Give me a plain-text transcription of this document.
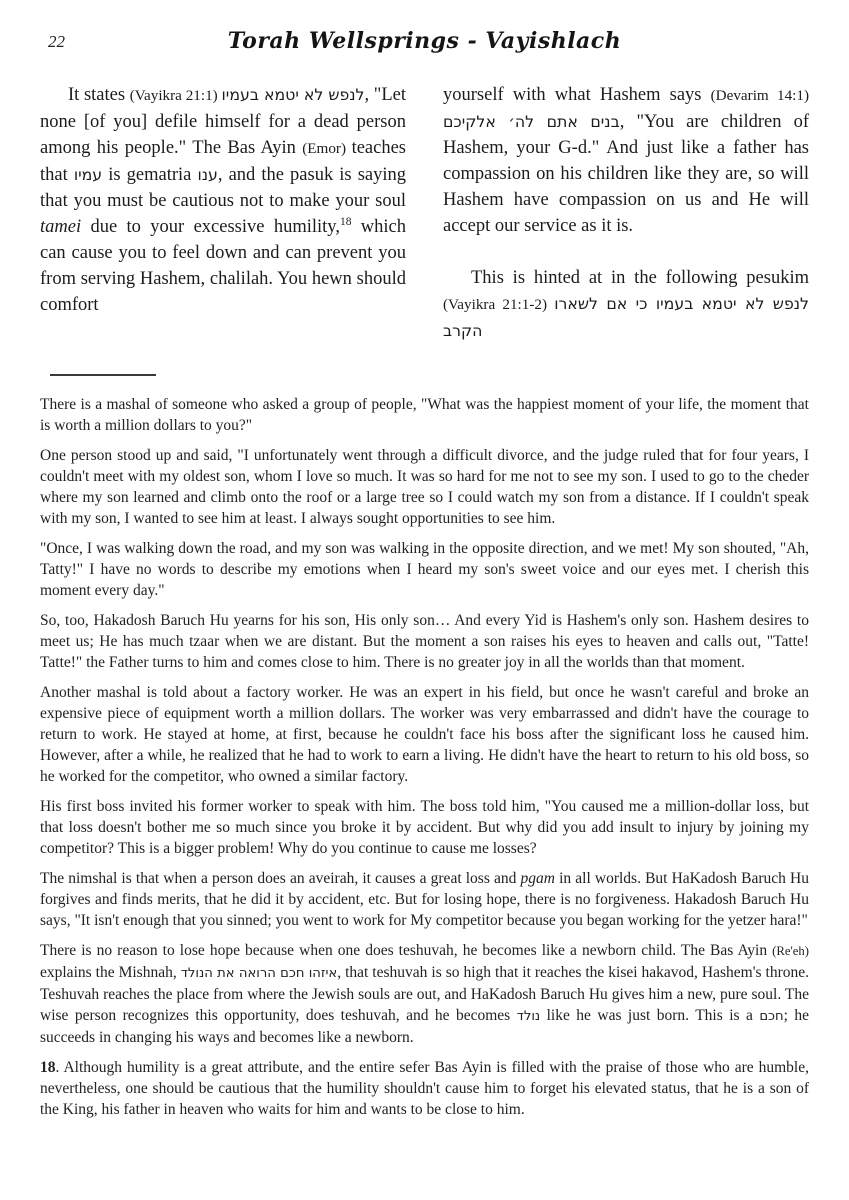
22	Torah Wellsprings - Vayishlach

It states (Vayikra 21:1) לנפש לא יטמא בעמיו, "Let none [of you] defile himself for a dead person among his people." The Bas Ayin (Emor) teaches that עמיו is gematria ענו, and the pasuk is saying that you must be cautious not to make your soul tamei due to your excessive humility,$^{18}$ which can cause you to feel down and can prevent you from serving Hashem, chalilah. You hewn should comfort

yourself with what Hashem says (Devarim 14:1) בנים אתם לה׳ אלקיכם, "You are children of Hashem, your G-d." And just like a father has compassion on his children like they are, so will Hashem have compassion on us and He will accept our service as it is.

This is hinted at in the following pesukim (Vayikra 21:1-2) לנפש לא יטמא בעמיו כי אם לשארו הקרב

There is a mashal of someone who asked a group of people, "What was the happiest moment of your life, the moment that is worth a million dollars to you?"

One person stood up and said, "I unfortunately went through a difficult divorce, and the judge ruled that for four years, I couldn't meet with my oldest son, whom I love so much. It was so hard for me not to see my son. I used to go to the cheder where my son learned and climb onto the roof or a large tree so I could watch my son from a distance. If I couldn't speak with my son, I wanted to see him at least. I always sought opportunities to see him.

"Once, I was walking down the road, and my son was walking in the opposite direction, and we met! My son shouted, "Ah, Tatty!" I have no words to describe my emotions when I heard my son's sweet voice and our eyes met. I cherish this moment every day."

So, too, Hakadosh Baruch Hu yearns for his son, His only son… And every Yid is Hashem's only son. Hashem desires to meet us; He has much tzaar when we are distant. But the moment a son raises his eyes to heaven and calls out, "Tatte! Tatte!" the Father turns to him and comes close to him. There is no greater joy in all the worlds than that moment.

Another mashal is told about a factory worker. He was an expert in his field, but once he wasn't careful and broke an expensive piece of equipment worth a million dollars. The worker was very embarrassed and didn't have the courage to return to work. He stayed at home, at first, because he couldn't face his boss after the significant loss he caused him. However, after a while, he realized that he had to work to earn a living. He didn't have the heart to return to his old boss, so he worked for the competitor, who owned a similar factory.

His first boss invited his former worker to speak with him. The boss told him, "You caused me a million-dollar loss, but that loss doesn't bother me so much since you broke it by accident. But why did you add insult to injury by joining my competitor? This is a bigger problem! Why do you continue to cause me losses?

The nimshal is that when a person does an aveirah, it causes a great loss and pgam in all worlds. But HaKadosh Baruch Hu forgives and finds merits, that he did it by accident, etc. But for losing hope, there is no forgiveness. Hakadosh Baruch Hu says, "It isn't enough that you sinned; you went to work for My competitor because you began working for the yetzer hara!"

There is no reason to lose hope because when one does teshuvah, he becomes like a newborn child. The Bas Ayin (Re'eh) explains the Mishnah, איזהו חכם הרואה את הנולד, that teshuvah is so high that it reaches the kisei hakavod, Hashem's throne. Teshuvah reaches the place from where the Jewish souls are out, and HaKadosh Baruch Hu gives him a new, pure soul. The wise person recognizes this opportunity, does teshuvah, and he becomes נולד like he was just born. This is a חכם; he succeeds in changing his ways and becomes like a newborn.

18. Although humility is a great attribute, and the entire sefer Bas Ayin is filled with the praise of those who are humble, nevertheless, one should be cautious that the humility shouldn't cause him to forget his elevated status, that he is a son of the King, his father in heaven who waits for him and wants to be close to him.
